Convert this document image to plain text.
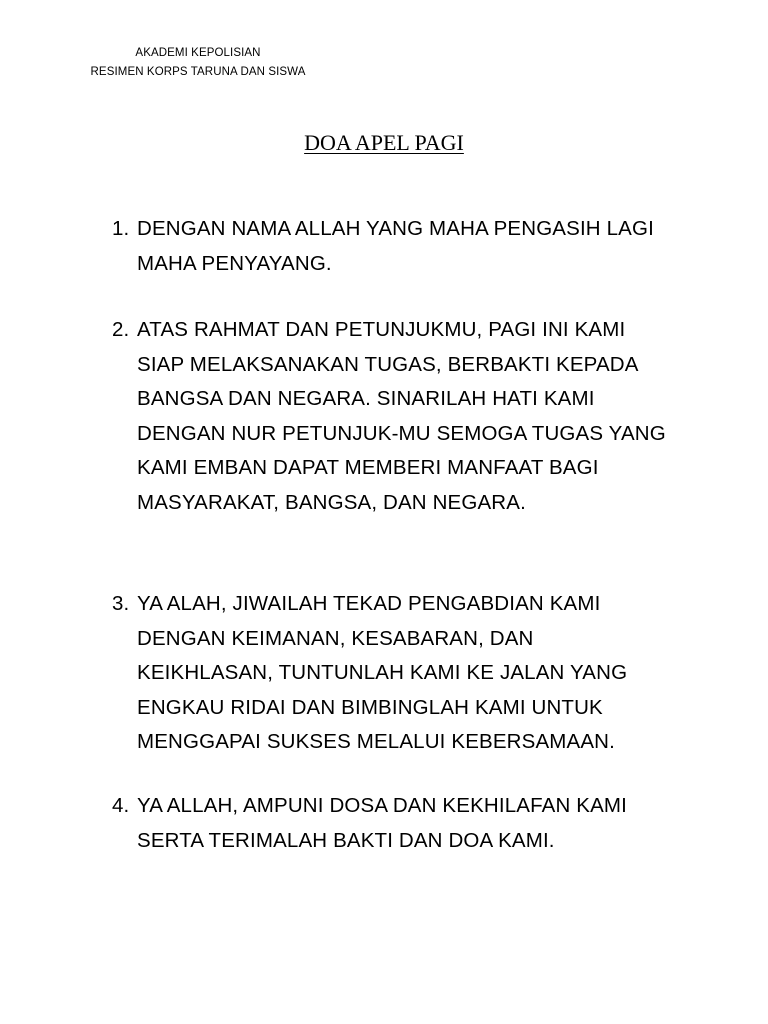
AKADEMI KEPOLISIAN
RESIMEN KORPS TARUNA DAN SISWA
DOA APEL PAGI
1. DENGAN NAMA ALLAH YANG MAHA PENGASIH LAGI
MAHA PENYAYANG.
2. ATAS RAHMAT DAN PETUNJUKMU, PAGI INI KAMI
SIAP MELAKSANAKAN TUGAS, BERBAKTI KEPADA
BANGSA DAN NEGARA. SINARILAH HATI KAMI
DENGAN NUR PETUNJUK-MU SEMOGA TUGAS YANG
KAMI EMBAN DAPAT MEMBERI MANFAAT BAGI
MASYARAKAT, BANGSA, DAN NEGARA.
3. YA ALAH, JIWAILAH TEKAD PENGABDIAN KAMI
DENGAN KEIMANAN, KESABARAN, DAN
KEIKHLASAN, TUNTUNLAH KAMI KE JALAN YANG
ENGKAU RIDAI DAN BIMBINGLAH KAMI UNTUK
MENGGAPAI SUKSES MELALUI KEBERSAMAAN.
4. YA ALLAH, AMPUNI DOSA DAN KEKHILAFAN KAMI
SERTA TERIMALAH BAKTI DAN DOA KAMI.
